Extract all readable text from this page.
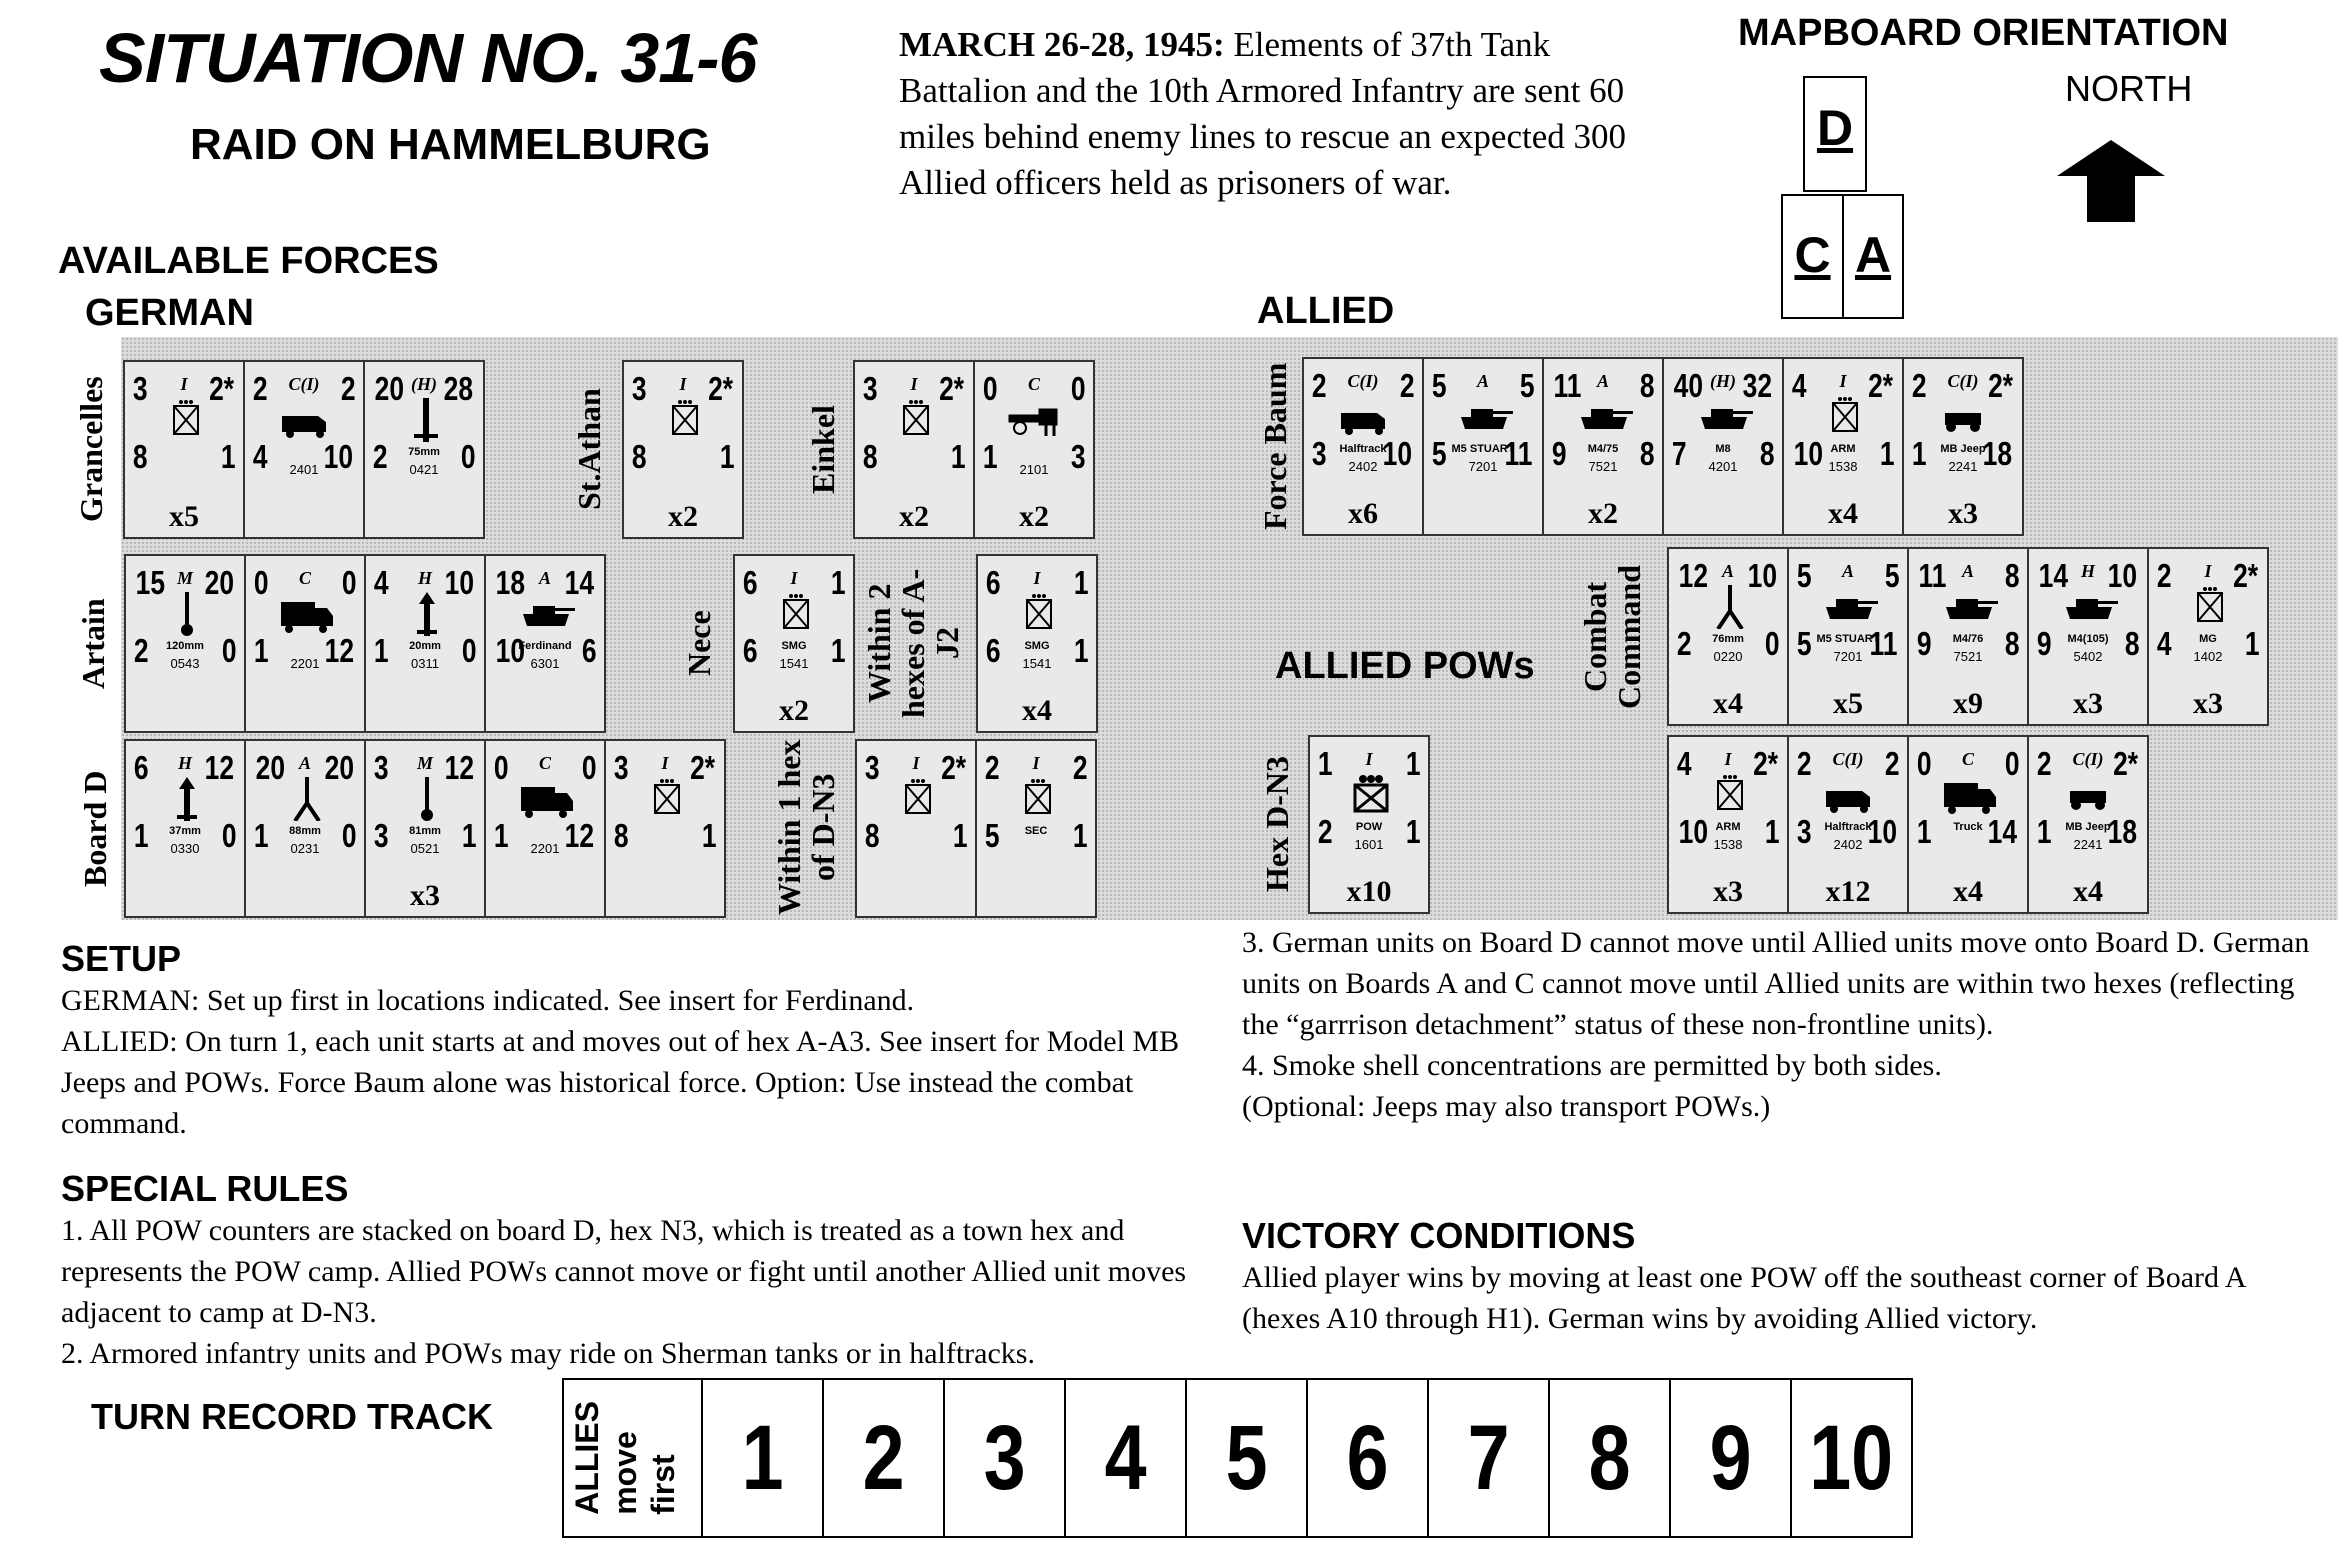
SITUATION NO. 31-6
RAID ON HAMMELBURG
MARCH 26-28, 1945: Elements of 37th Tank Battalion and the 10th Armored Infantry are sent 60 miles behind enemy lines to rescue an expected 300 Allied officers held as prisoners of war.
MAPBOARD ORIENTATION
D
C A
NORTH
AVAILABLE FORCES
GERMAN	ALLIED
Grancelles	St.Athan	Einkel
Artain	Nece	Within 2 hexes of A-J2
Board D	Within 1 hex of D-N3
Force Baum
Combat Command
Hex D-N3
ALLIED POWs
3	I 2*
8 1
x5
2	C(I) 2
4 10
2401
20 (H) 28
2 0
75mm
0421
3	I 2*
8 1
x2
3	I 2*
8 1
x2
0	C 0
1 3
2101
x2
15 M 20
2 0
120mm
0543
0	C 0
1 12
2201
4	H 10
1 0
20mm
0311
18 A 14
10 6
Ferdinand
6301
6	I 1
6 1
SMG
1541
x2
6	I 1
6 1
SMG
1541
x4
6	H 12
1 0
37mm
0330
20 A 20
1 0
88mm
0231
3	M 12
3 1
81mm
0521
x3
0	C 0
1 12
2201
3	I 2*
8 1
3	I 2*
8 1
2	I 2
5 1
SEC
2	C(I) 2
3 10
Halftrack
2402
x6
5	A 5
5 11
M5 STUART
7201
11 A 8
9 8
M4/75
7521
x2
40 (H) 32
7 8
M8
4201
4	I 2*
10 1
ARM
1538
x4
2	C(I) 2*
1 18
MB Jeep
2241
x3
12 A 10
2 0
76mm
0220
x4
5	A 5
5 11
M5 STUART
7201
x5
11 A 8
9 8
M4/76
7521
x9
14 H 10
9 8
M4(105)
5402
x3
2	I 2*
4 1
MG
1402
x3
4	I 2*
10 1
ARM
1538
x3
2	C(I) 2
3 10
Halftrack
2402
x12
0	C 0
1 14
Truck
x4
2	C(I) 2*
1 18
MB Jeep
2241
x4
1	I 1
2 1
POW
1601
x10
SETUP
GERMAN: Set up first in locations indicated. See insert for Ferdinand.
ALLIED: On turn 1, each unit starts at and moves out of hex A-A3. See insert for Model MB Jeeps and POWs. Force Baum alone was historical force. Option: Use instead the combat command.
SPECIAL RULES
1. All POW counters are stacked on board D, hex N3, which is treated as a town hex and represents the POW camp. Allied POWs cannot move or fight until another Allied unit moves adjacent to camp at D-N3.
2. Armored infantry units and POWs may ride on Sherman tanks or in halftracks.
3. German units on Board D cannot move until Allied units move onto Board D. German units on Boards A and C cannot move until Allied units are within two hexes (reflecting the “garrrison detachment” status of these non-frontline units).
4. Smoke shell concentrations are permitted by both sides.
(Optional: Jeeps may also transport POWs.)
VICTORY CONDITIONS
Allied player wins by moving at least one POW off the southeast corner of Board A (hexes A10 through H1). German wins by avoiding Allied victory.
TURN RECORD TRACK ALLIES move first 1 2 3 4 5 6 7 8 9 10
